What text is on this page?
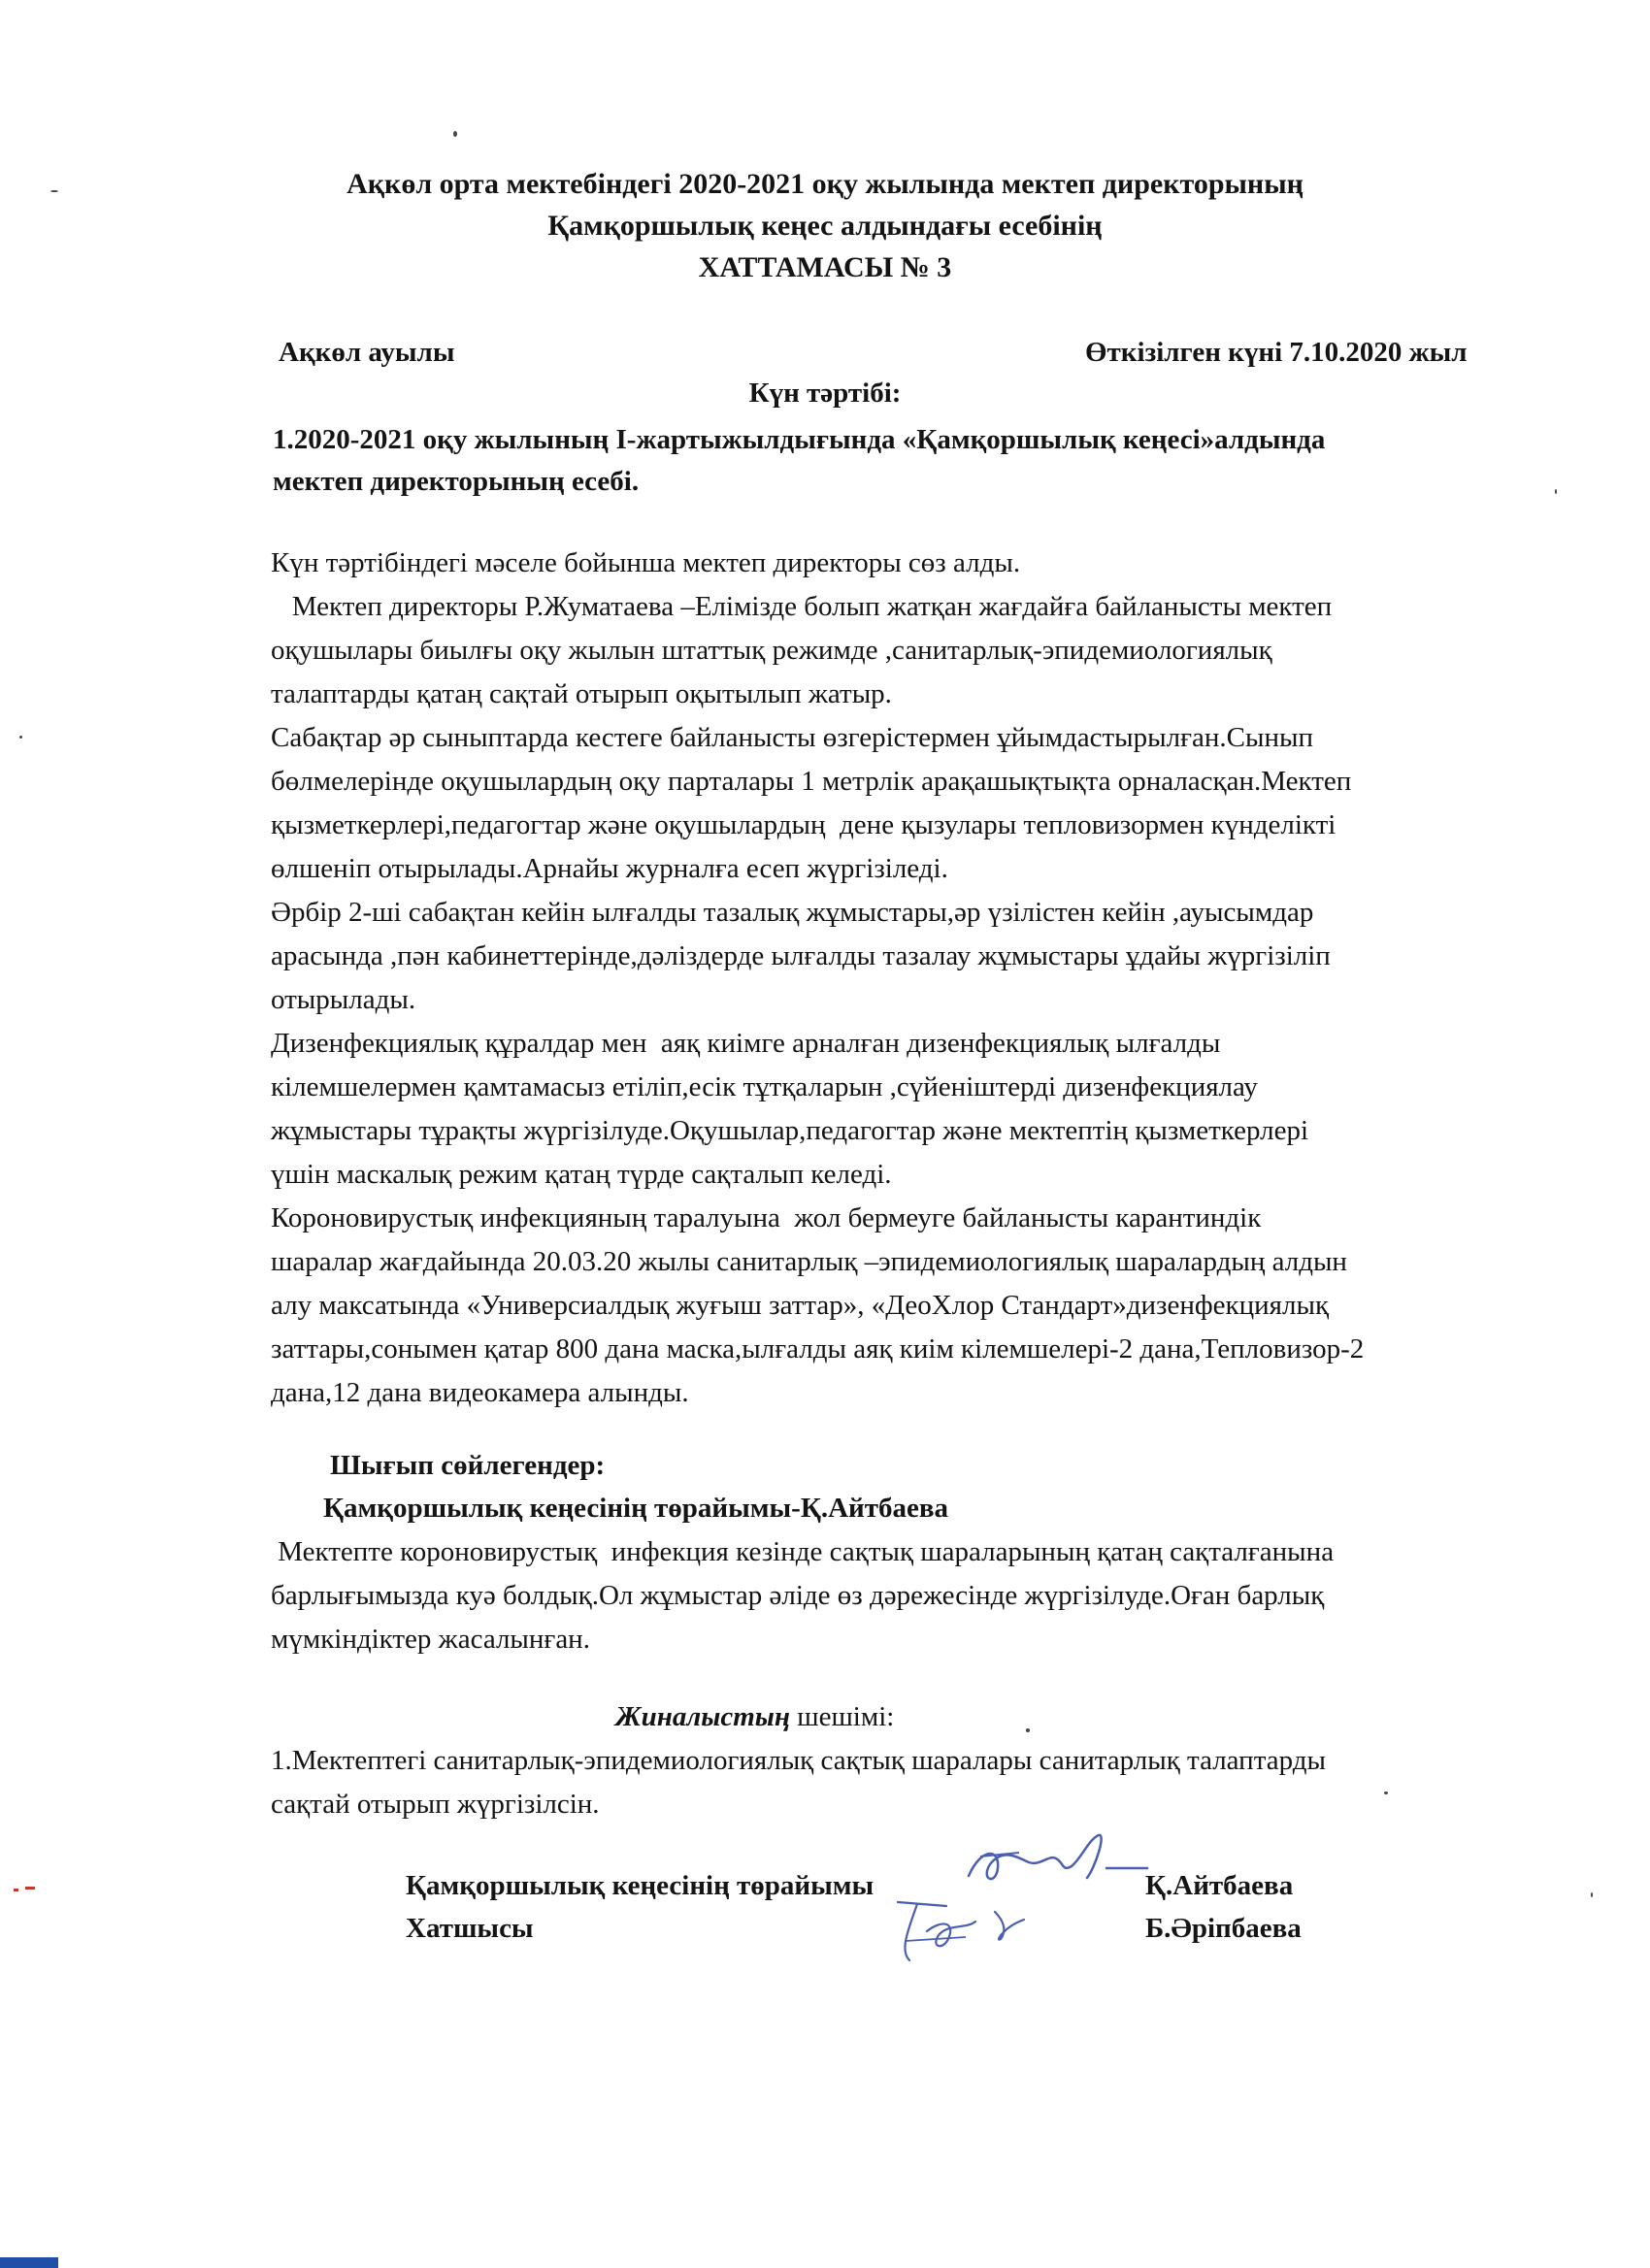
Ақкөл орта мектебіндегі 2020-2021 оқу жылында мектеп директорының
Қамқоршылық кеңес алдындағы есебінің
ХАТТАМАСЫ № 3
Ақкөл ауылы	Өткізілген күні 7.10.2020 жыл
Күн тәртібі:
1.2020-2021 оқу жылының І-жартыжылдығында «Қамқоршылық кеңесі»алдында
мектеп директорының есебі.
Күн тәртібіндегі мәселе бойынша мектеп директоры сөз алды.
Мектеп директоры Р.Жуматаева –Елімізде болып жатқан жағдайға байланысты мектеп
оқушылары биылғы оқу жылын штаттық режимде ,санитарлық-эпидемиологиялық
талаптарды қатаң сақтай отырып оқытылып жатыр.
Сабақтар әр сыныптарда кестеге байланысты өзгерістермен ұйымдастырылған.Сынып
бөлмелерінде оқушылардың оқу парталары 1 метрлік арақашықтықта орналасқан.Мектеп
қызметкерлері,педагогтар және оқушылардың  дене қызулары тепловизормен күнделікті
өлшеніп отырылады.Арнайы журналға есеп жүргізіледі.
Әрбір 2-ші сабақтан кейін ылғалды тазалық жұмыстары,әр үзілістен кейін ,ауысымдар
арасында ,пән кабинеттерінде,дәліздерде ылғалды тазалау жұмыстары ұдайы жүргізіліп
отырылады.
Дизенфекциялық құралдар мен  аяқ киімге арналған дизенфекциялық ылғалды
кілемшелермен қамтамасыз етіліп,есік тұтқаларын ,сүйеніштерді дизенфекциялау
жұмыстары тұрақты жүргізілуде.Оқушылар,педагогтар және мектептің қызметкерлері
үшін маскалық режим қатаң түрде сақталып келеді.
Короновирустық инфекцияның таралуына  жол бермеуге байланысты карантиндік
шаралар жағдайында 20.03.20 жылы санитарлық –эпидемиологиялық шаралардың алдын
алу максатында «Универсиалдық жуғыш заттар», «ДеоХлор Стандарт»дизенфекциялық
заттары,сонымен қатар 800 дана маска,ылғалды аяқ киім кілемшелері-2 дана,Тепловизор-2
дана,12 дана видеокамера алынды.
Шығып сөйлегендер:
Қамқоршылық кеңесінің төрайымы-Қ.Айтбаева
Мектепте короновирустық  инфекция кезінде сақтық шараларының қатаң сақталғанына
барлығымызда куә болдық.Ол жұмыстар әліде өз дәрежесінде жүргізілуде.Оған барлық
мүмкіндіктер жасалынған.
Жиналыстың шешімі:
1.Мектептегі санитарлық-эпидемиологиялық сақтық шаралары санитарлық талаптарды
сақтай отырып жүргізілсін.
Қамқоршылық кеңесінің төрайымы	Қ.Айтбаева
Хатшысы	Б.Әріпбаева
